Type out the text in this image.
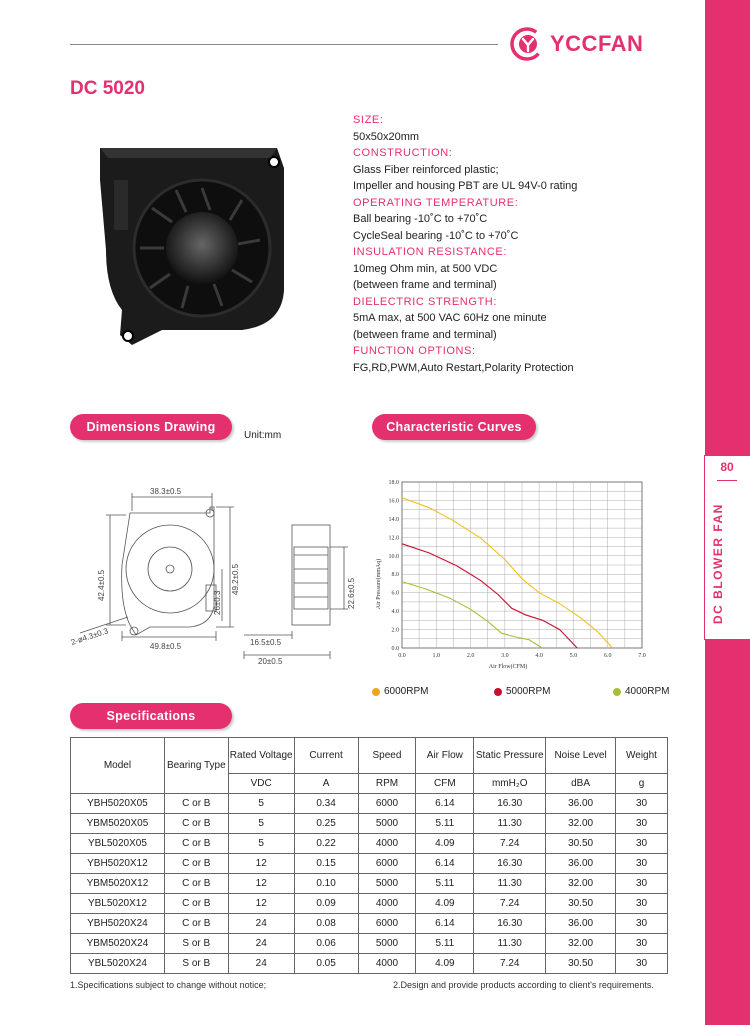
80
DC BLOWER FAN
YCCFAN
DC 5020
SIZE:
50x50x20mm
CONSTRUCTION:
Glass Fiber reinforced plastic;
Impeller and housing PBT are UL 94V-0 rating
OPERATING TEMPERATURE:
Ball bearing -10˚C to +70˚C
CycleSeal bearing -10˚C to +70˚C
INSULATION RESISTANCE:
10meg Ohm min, at 500 VDC
(between frame and terminal)
DIELECTRIC STRENGTH:
5mA max, at 500 VAC 60Hz one minute
(between frame and terminal)
FUNCTION OPTIONS:
FG,RD,PWM,Auto Restart,Polarity Protection
Dimensions Drawing
Unit:mm
Characteristic Curves
38.3±0.5
42.4±0.5	49.2±0.5
26±0.3
2-ø4.3±0.3	49.8±0.5
22.6±0.5
16.5±0.5
20±0.5
0.0
2.0
4.0
6.0
8.0
10.0
12.0
14.0
16.0
18.0
0.0	1.0	2.0	3.0	4.0	5.0	6.0	7.0
Air Flow(CFM)
Air Pressure(mmAq)
6000RPM	5000RPM	4000RPM
Specifications
Model	Bearing Type	Rated Voltage	Current	Speed	Air Flow	Static Pressure	Noise Level	Weight
		VDC	A	RPM	CFM	mmH₂O	dBA	g
YBH5020X05	C or B	5	0.34	6000	6.14	16.30	36.00	30
YBM5020X05	C or B	5	0.25	5000	5.11	11.30	32.00	30
YBL5020X05	C or B	5	0.22	4000	4.09	7.24	30.50	30
YBH5020X12	C or B	12	0.15	6000	6.14	16.30	36.00	30
YBM5020X12	C or B	12	0.10	5000	5.11	11.30	32.00	30
YBL5020X12	C or B	12	0.09	4000	4.09	7.24	30.50	30
YBH5020X24	C or B	24	0.08	6000	6.14	16.30	36.00	30
YBM5020X24	S or B	24	0.06	5000	5.11	11.30	32.00	30
YBL5020X24	S or B	24	0.05	4000	4.09	7.24	30.50	30
1.Specifications subject to change without notice;	2.Design and provide products according to client's requirements.
